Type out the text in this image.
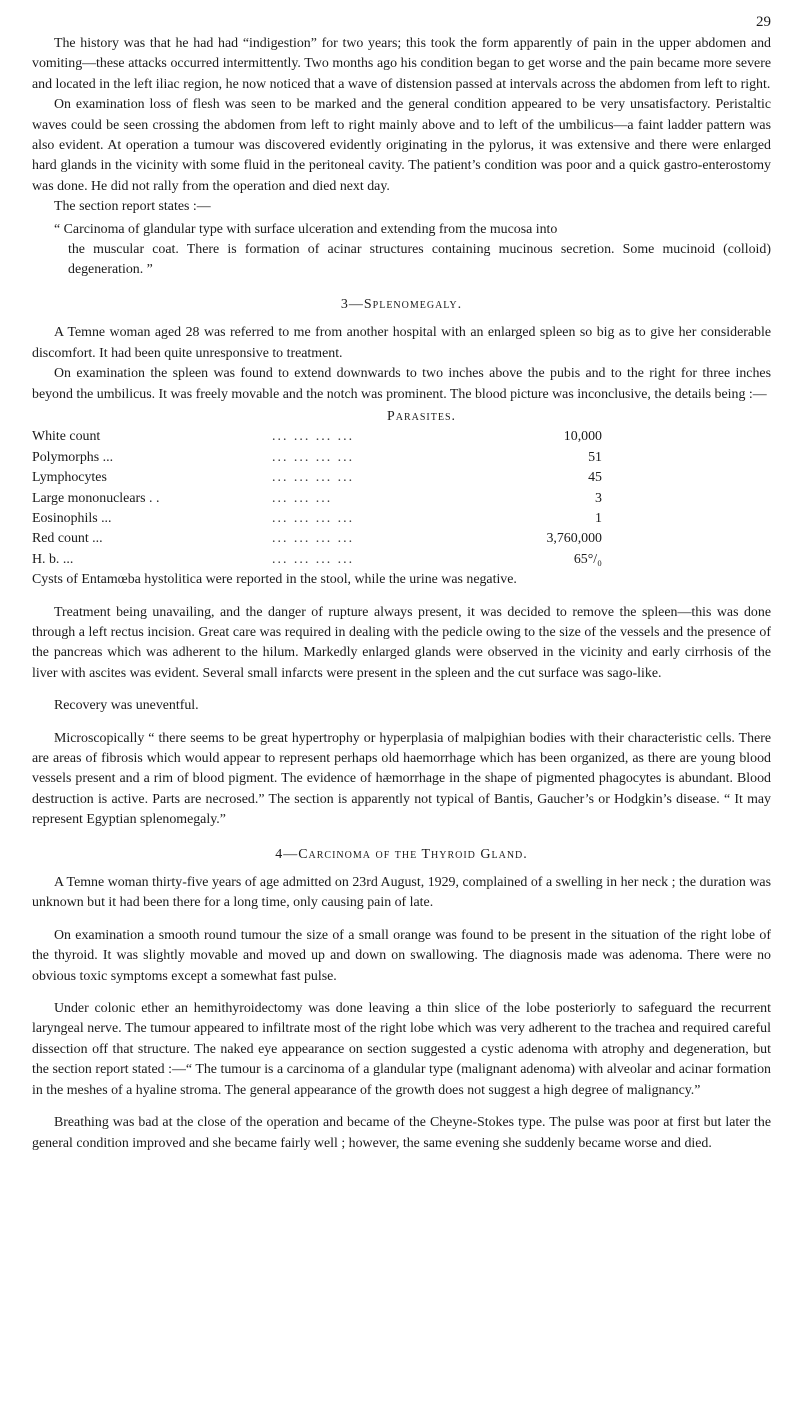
29

The history was that he had had “indigestion” for two years; this took the form apparently of pain in the upper abdomen and vomiting—these attacks occurred intermittently. Two months ago his condition began to get worse and the pain became more severe and located in the left iliac region, he now noticed that a wave of distension passed at intervals across the abdomen from left to right.

On examination loss of flesh was seen to be marked and the general condition appeared to be very unsatisfactory. Peristaltic waves could be seen crossing the abdomen from left to right mainly above and to left of the umbilicus—a faint ladder pattern was also evident. At operation a tumour was discovered evidently originating in the pylorus, it was extensive and there were enlarged hard glands in the vicinity with some fluid in the peritoneal cavity. The patient’s condition was poor and a quick gastro-enterostomy was done. He did not rally from the operation and died next day.

The section report states :—

“ Carcinoma of glandular type with surface ulceration and extending from the mucosa into
the muscular coat. There is formation of acinar structures containing mucinous secretion. Some mucinoid (colloid) degeneration. ”
3—Splenomegaly.

A Temne woman aged 28 was referred to me from another hospital with an enlarged spleen so big as to give her considerable discomfort. It had been quite unresponsive to treatment.

On examination the spleen was found to extend downwards to two inches above the pubis and to the right for three inches beyond the umbilicus. It was freely movable and the notch was prominent. The blood picture was inconclusive, the details being :—

Parasites.
White count	... ... ... ...	10,000
Polymorphs ...	... ... ... ...	51
Lymphocytes	... ... ... ...	45
Large mononuclears . .	... ... ...	3
Eosinophils ...	... ... ... ...	1
Red count ...	... ... ... ...	3,760,000
H. b. ...	... ... ... ...	65°/₀

Cysts of Entamœba hystolitica were reported in the stool, while the urine was negative.

Treatment being unavailing, and the danger of rupture always present, it was decided to remove the spleen—this was done through a left rectus incision. Great care was required in dealing with the pedicle owing to the size of the vessels and the presence of the pancreas which was adherent to the hilum. Markedly enlarged glands were observed in the vicinity and early cirrhosis of the liver with ascites was evident. Several small infarcts were present in the spleen and the cut surface was sago-like.

Recovery was uneventful.

Microscopically “ there seems to be great hypertrophy or hyperplasia of malpighian bodies with their characteristic cells. There are areas of fibrosis which would appear to represent perhaps old haemorrhage which has been organized, as there are young blood vessels present and a rim of blood pigment. The evidence of hæmorrhage in the shape of pigmented phagocytes is abundant. Blood destruction is active. Parts are necrosed.” The section is apparently not typical of Bantis, Gaucher’s or Hodgkin’s disease. “ It may represent Egyptian splenomegaly.”

4—Carcinoma of the Thyroid Gland.

A Temne woman thirty-five years of age admitted on 23rd August, 1929, complained of a swelling in her neck ; the duration was unknown but it had been there for a long time, only causing pain of late.

On examination a smooth round tumour the size of a small orange was found to be present in the situation of the right lobe of the thyroid. It was slightly movable and moved up and down on swallowing. The diagnosis made was adenoma. There were no obvious toxic symptoms except a somewhat fast pulse.

Under colonic ether an hemithyroidectomy was done leaving a thin slice of the lobe posteriorly to safeguard the recurrent laryngeal nerve. The tumour appeared to infiltrate most of the right lobe which was very adherent to the trachea and required careful dissection off that structure. The naked eye appearance on section suggested a cystic adenoma with atrophy and degeneration, but the section report stated :—“ The tumour is a carcinoma of a glandular type (malignant adenoma) with alveolar and acinar formation in the meshes of a hyaline stroma. The general appearance of the growth does not suggest a high degree of malignancy.”

Breathing was bad at the close of the operation and became of the Cheyne-Stokes type. The pulse was poor at first but later the general condition improved and she became fairly well ; however, the same evening she suddenly became worse and died.
